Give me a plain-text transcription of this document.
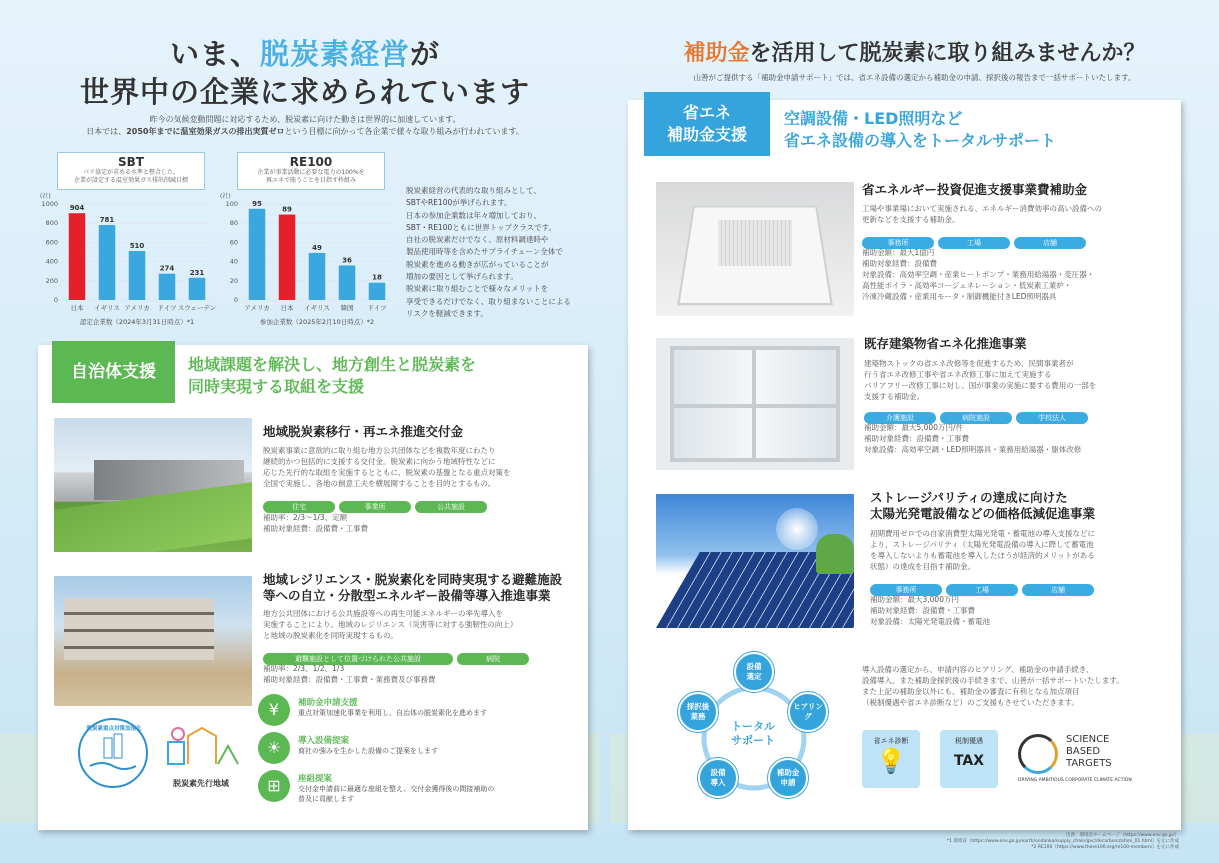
いま、脱炭素経営が
世界中の企業に求められています
昨今の気候変動問題に対応するため、脱炭素に向けた動きは世界的に加速しています。
日本では、2050年までに温室効果ガスの排出実質ゼロという目標に向かって各企業で様々な取り組みが行われています。
SBT
パリ協定が求める水準と整合した、
企業が設定する温室効果ガス排出削減目標
(社)
0
200
400
600
800
1000
904
日本
781
イギリス
510
アメリカ
274
ドイツ
231
スウェーデン
認定企業数（2024年3月31日時点）*1
RE100
企業が事業活動に必要な電力の100%を
再エネで賄うことを目指す枠組み
(社)
0
20
40
60
80
100 95
アメリカ
89
日本
49
イギリス
36
韓国
18
ドイツ
参加企業数（2025年2月10日時点）*2
脱炭素経営の代表的な取り組みとして、
SBTやRE100が挙げられます。
日本の参加企業数は年々増加しており、
SBT・RE100ともに世界トップクラスです。
自社の脱炭素だけでなく、原材料調達時や
製品使用時等を含めたサプライチェーン全体で
脱炭素を進める動きが広がっていることが
増加の要因として挙げられます。
脱炭素に取り組むことで様々なメリットを
享受できるだけでなく、取り組まないことによる
リスクを軽減できます。
自治体支援	地域課題を解決し、地方創生と脱炭素を
同時実現する取組を支援
地域脱炭素移行・再エネ推進交付金
脱炭素事業に意欲的に取り組む地方公共団体などを複数年度にわたり
継続的かつ包括的に支援する交付金。脱炭素に向かう地域特性などに
応じた先行的な取組を実施するとともに、脱炭素の基盤となる重点対策を
全国で実施し、各地の創意工夫を横展開することを目的とするもの。
住宅	事業所	公共施設
補助率：2/3～1/3、定額
補助対象経費：設備費・工事費
地域レジリエンス・脱炭素化を同時実現する避難施設
等への自立・分散型エネルギー設備等導入推進事業
地方公共団体における公共施設等への再生可能エネルギーの率先導入を
実施することにより、地域のレジリエンス（災害等に対する強靭性の向上）
と地域の脱炭素化を同時実現するもの。
避難施設として位置づけられた公共施設	病院
補助率：2/3、1/2、1/3
補助対象経費：設備費・工事費・業務費及び事務費
脱炭素重点対策加速化
脱炭素先行地域
¥	補助金申請支援
重点対策加速化事業を利用し、自治体の脱炭素化を進めます
☀	導入設備提案
商社の強みを生かした設備のご提案をします
⊞	座組提案
交付金申請前に最適な座組を整え、交付金獲得後の間接補助の
普及に貢献します
補助金を活用して脱炭素に取り組みませんか？
山善がご提供する「補助金申請サポート」では、省エネ設備の選定から補助金の申請、採択後の報告まで一括サポートいたします。
省エネ
補助金支援
空調設備・LED照明など
省エネ設備の導入をトータルサポート
省エネルギー投資促進支援事業費補助金
工場や事業場において実施される、エネルギー消費効率の高い設備への
更新などを支援する補助金。
事務所	工場	店舗
補助金額：最大1億円
補助対象経費：設備費
対象設備：高効率空調・産業ヒートポンプ・業務用給湯器・変圧器・
高性能ボイラ・高効率コージェネレーション・低炭素工業炉・
冷凍冷蔵設備・産業用モータ・制御機能付きLED照明器具
既存建築物省エネ化推進事業
建築物ストックの省エネ改修等を促進するため、民間事業者が
行う省エネ改修工事や省エネ改修工事に加えて実施する
バリアフリー改修工事に対し、国が事業の実施に要する費用の一部を
支援する補助金。
介護施設	病院施設	学校法人
補助金額：最大5,000万円/件
補助対象経費：設備費・工事費
対象設備：高効率空調・LED照明器具・業務用給湯器・躯体改修
ストレージパリティの達成に向けた
太陽光発電設備などの価格低減促進事業
初期費用ゼロでの自家消費型太陽光発電・蓄電池の導入支援などに
より、ストレージパリティ（太陽光発電設備の導入に際して蓄電池
を導入しないよりも蓄電池を導入したほうが経済的メリットがある
状態）の達成を目指す補助金。
事務所	工場	店舗
補助金額：最大3,000万円
補助対象経費：設備費・工事費
対象設備：太陽光発電設備・蓄電池
トータル
サポート
設備
選定
ヒアリング
補助金
申請
設備
導入
採択後
業務
導入設備の選定から、申請内容のヒアリング、補助金の申請手続き、
設備導入、また補助金採択後の手続きまで、山善が一括サポートいたします。
また上記の補助金以外にも、補助金の審査に有利となる加点項目
（税制優遇や省エネ診断など）のご支援もさせていただきます。
省エネ診断
💡
税制優遇
TAX
SCIENCE
BASED
TARGETS
DRIVING AMBITIOUS CORPORATE CLIMATE ACTION
出典：環境省ホームページ（https://www.env.go.jp/）
*1 環境省（https://www.env.go.jp/earth/ondanka/supply_chain/gvc/decarbonization_01.html）を元に作成
*2 RE100（https://www.there100.org/re100-members）を元に作成
